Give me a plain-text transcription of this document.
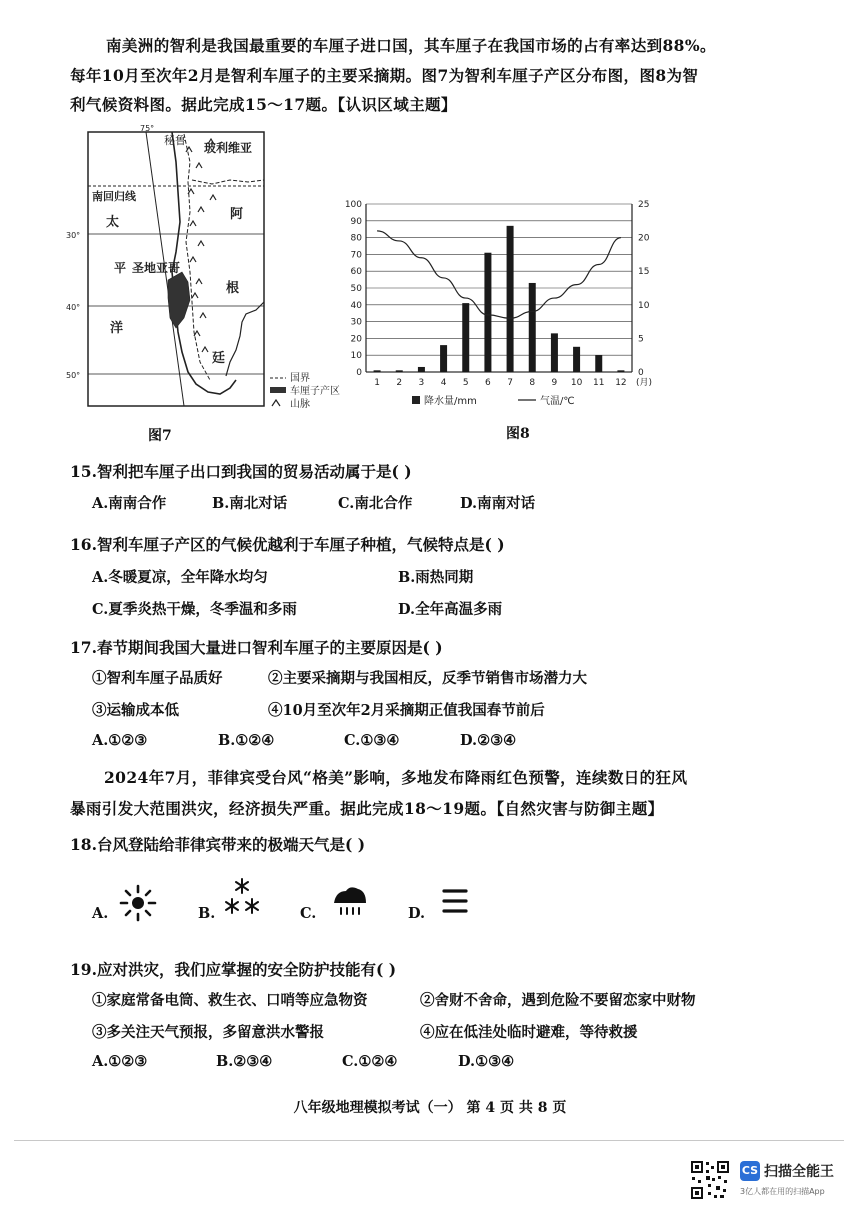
南美洲的智利是我国最重要的车厘子进口国，其车厘子在我国市场的占有率达到88%。
每年10月至次年2月是智利车厘子的主要采摘期。图7为智利车厘子产区分布图，图8为智
利气候资料图。据此完成15～17题。【认识区域主题】
75°
30°
40°
50°
秘鲁
玻利维亚
南回归线
太
阿
平 圣地亚哥
根
洋
廷
国界
车厘子产区
山脉
图7
0
10
20
30
40
50
60
70
80
90
100
0
5
10
15
20
25
1 2 3 4 5 6 7 8 9 10 11 12 (月)
降水量/mm	气温/℃
图8
15.智利把车厘子出口到我国的贸易活动属于是( )
A.南南合作	B.南北对话	C.南北合作	D.南南对话
16.智利车厘子产区的气候优越利于车厘子种植，气候特点是( )
A.冬暖夏凉，全年降水均匀	B.雨热同期
C.夏季炎热干燥，冬季温和多雨	D.全年高温多雨
17.春节期间我国大量进口智利车厘子的主要原因是( )
①智利车厘子品质好	②主要采摘期与我国相反，反季节销售市场潜力大
③运输成本低	④10月至次年2月采摘期正值我国春节前后
A.①②③	B.①②④	C.①③④	D.②③④
2024年7月，菲律宾受台风“格美”影响，多地发布降雨红色预警，连续数日的狂风
暴雨引发大范围洪灾，经济损失严重。据此完成18～19题。【自然灾害与防御主题】
18.台风登陆给菲律宾带来的极端天气是( )
A.	B.	C.	D.
19.应对洪灾，我们应掌握的安全防护技能有( )
①家庭常备电筒、救生衣、口哨等应急物资	②舍财不舍命，遇到危险不要留恋家中财物
③多关注天气预报，多留意洪水警报	④应在低洼处临时避难，等待救援
A.①②③	B.②③④	C.①②④	D.①③④
八年级地理模拟考试（一） 第 4 页 共 8 页
CS 扫描全能王
3亿人都在用的扫描App
